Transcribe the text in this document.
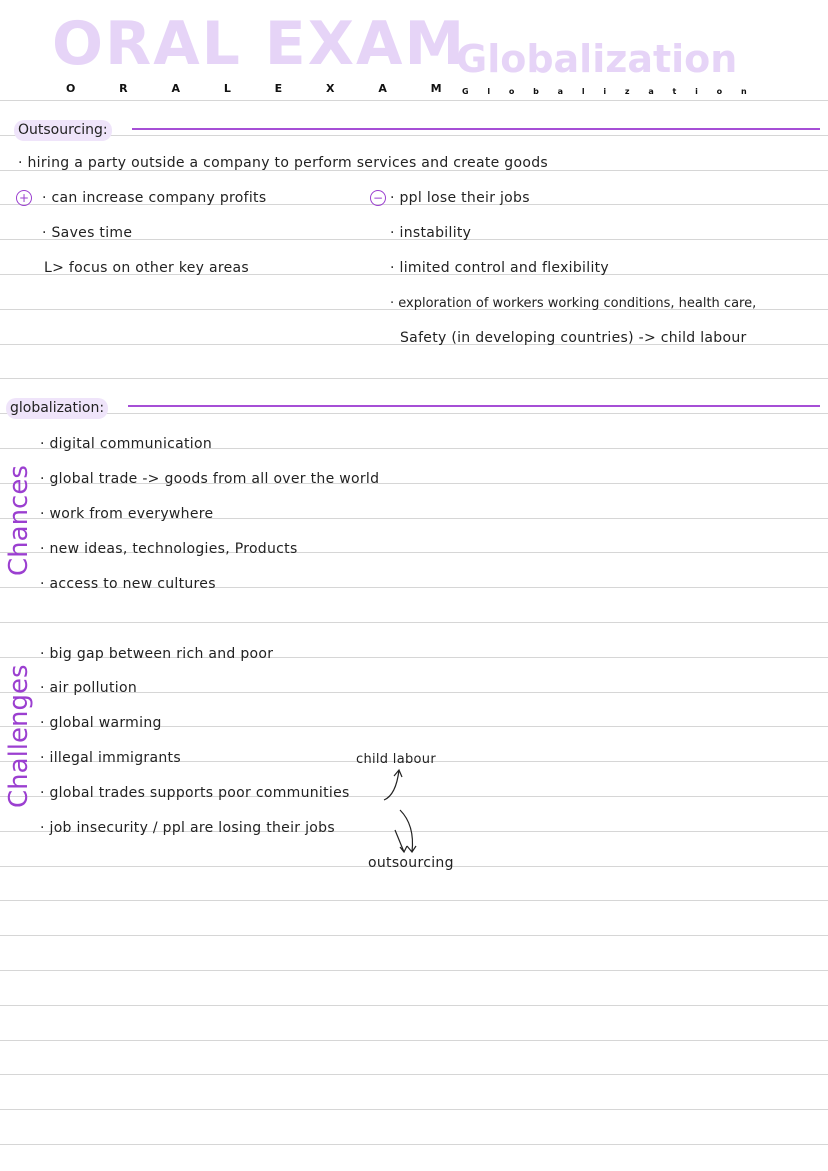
ORAL EXAM
Globalization
O R A L E X A M G l o b a l i z a t i o n
Outsourcing:
· hiring a party outside a company to perform services and create goods
+ · can increase company profits
· Saves time
L> focus on other key areas
− · ppl lose their jobs
· instability
· limited control and flexibility
· exploration of workers working conditions, health care,
Safety (in developing countries) -> child labour
globalization:
Chances
· digital communication
· global trade -> goods from all over the world
· work from everywhere
· new ideas, technologies, Products
· access to new cultures
Challenges
· big gap between rich and poor
· air pollution
· global warming
· illegal immigrants
· global trades supports poor communities
· job insecurity / ppl are losing their jobs
child labour
outsourcing
